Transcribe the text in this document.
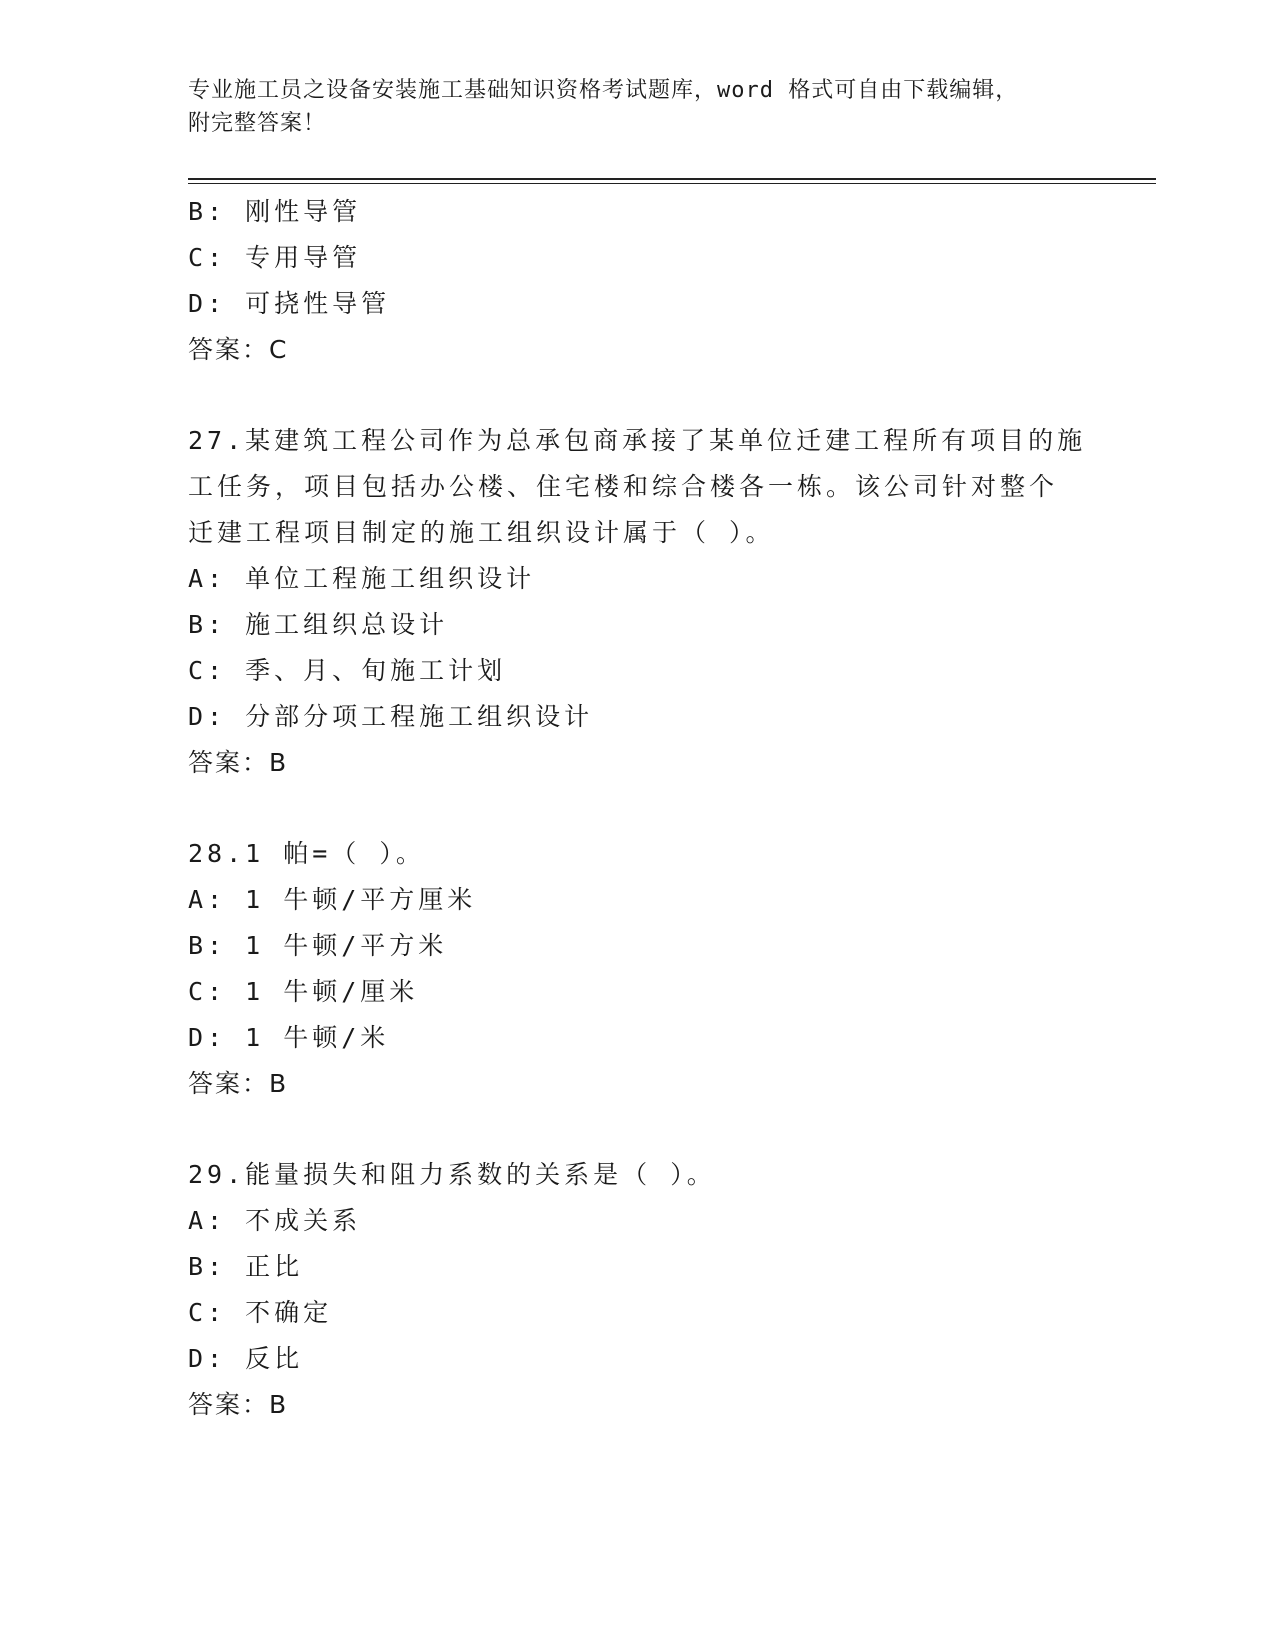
专业施工员之设备安装施工基础知识资格考试题库，word 格式可自由下载编辑，
附完整答案！
B: 刚性导管
C: 专用导管
D: 可挠性导管
答案：C
27.某建筑工程公司作为总承包商承接了某单位迁建工程所有项目的施
工任务，项目包括办公楼、住宅楼和综合楼各一栋。该公司针对整个
迁建工程项目制定的施工组织设计属于（ ）。
A: 单位工程施工组织设计
B: 施工组织总设计
C: 季、月、旬施工计划
D: 分部分项工程施工组织设计
答案：B
28.1 帕=（ ）。
A: 1 牛顿/平方厘米
B: 1 牛顿/平方米
C: 1 牛顿/厘米
D: 1 牛顿/米
答案：B
29.能量损失和阻力系数的关系是（ ）。
A: 不成关系
B: 正比
C: 不确定
D: 反比
答案：B
